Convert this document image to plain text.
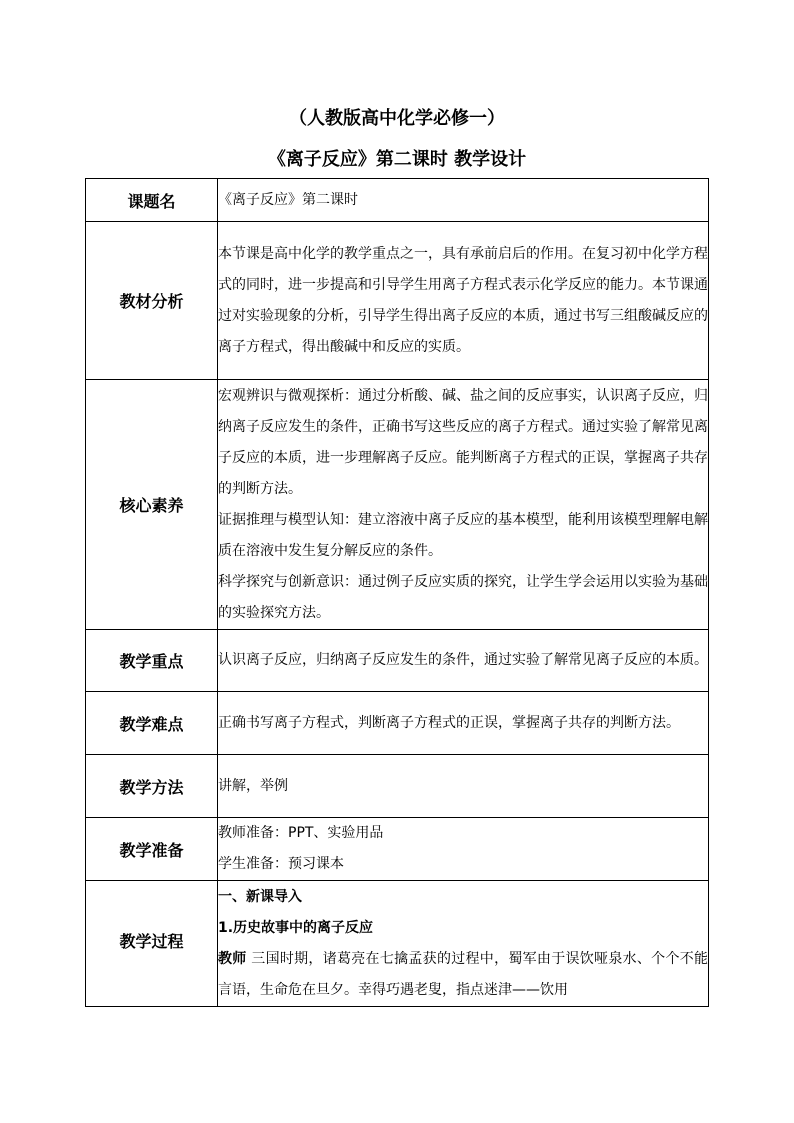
（人教版高中化学必修一）
《离子反应》第二课时 教学设计
课题名	《离子反应》第二课时
教材分析	本节课是高中化学的教学重点之一，具有承前启后的作用。在复习初中化学方程式的同时，进一步提高和引导学生用离子方程式表示化学反应的能力。本节课通过对实验现象的分析，引导学生得出离子反应的本质，通过书写三组酸碱反应的离子方程式，得出酸碱中和反应的实质。
核心素养	宏观辨识与微观探析：通过分析酸、碱、盐之间的反应事实，认识离子反应，归纳离子反应发生的条件，正确书写这些反应的离子方程式。通过实验了解常见离子反应的本质，进一步理解离子反应。能判断离子方程式的正误，掌握离子共存的判断方法。

证据推理与模型认知：建立溶液中离子反应的基本模型，能利用该模型理解电解质在溶液中发生复分解反应的条件。

科学探究与创新意识：通过例子反应实质的探究，让学生学会运用以实验为基础的实验探究方法。

教学重点	认识离子反应，归纳离子反应发生的条件，通过实验了解常见离子反应的本质。
教学难点	正确书写离子方程式，判断离子方程式的正误，掌握离子共存的判断方法。
教学方法	讲解，举例
教学准备	教师准备：PPT、实验用品

学生准备：预习课本

教学过程	一、新课导入

1.历史故事中的离子反应

教师 三国时期，诸葛亮在七擒孟获的过程中，蜀军由于误饮哑泉水、个个不能言语，生命危在旦夕。幸得巧遇老叟，指点迷津——饮用
